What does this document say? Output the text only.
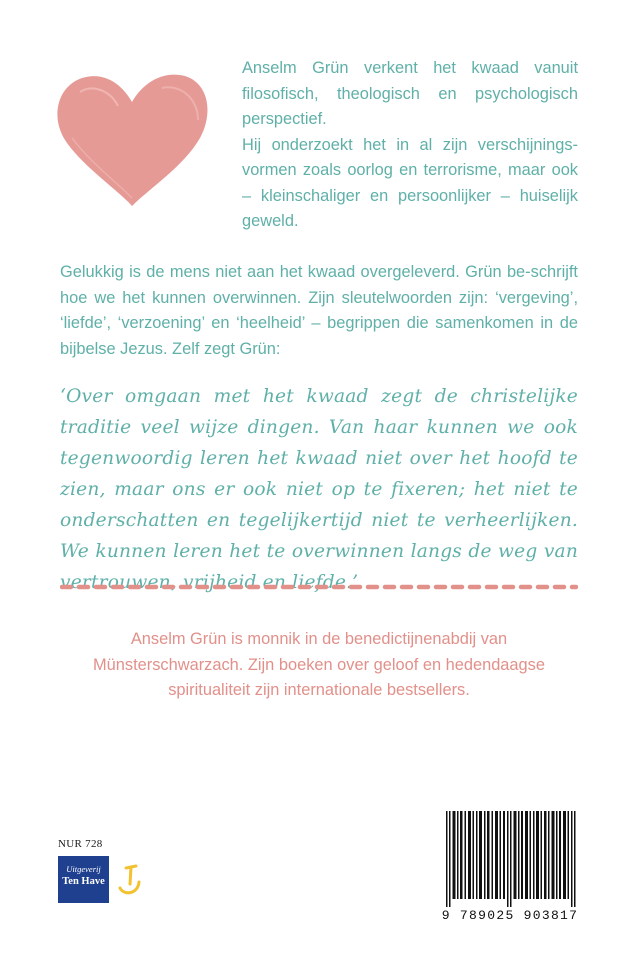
Anselm Grün verkent het kwaad vanuit filosofisch, theologisch en psychologisch perspectief.

Hij onderzoekt het in al zijn verschijnings-vormen zoals oorlog en terrorisme, maar ook – kleinschaliger en persoonlijker – huiselijk geweld.

Gelukkig is de mens niet aan het kwaad overgeleverd. Grün be-schrijft hoe we het kunnen overwinnen. Zijn sleutelwoorden zijn: ‘vergeving’, ‘liefde’, ‘verzoening’ en ‘heelheid’ – begrippen die samenkomen in de bijbelse Jezus. Zelf zegt Grün:

‘Over omgaan met het kwaad zegt de christelijke traditie veel wijze dingen. Van haar kunnen we ook tegenwoordig leren het kwaad niet over het hoofd te zien, maar ons er ook niet op te fixeren; het niet te onderschatten en tegelijkertijd niet te verheerlijken. We kunnen leren het te overwinnen langs de weg van vertrouwen, vrijheid en liefde.’

Anselm Grün is monnik in de benedictijnenabdij van Münsterschwarzach. Zijn boeken over geloof en hedendaagse spiritualiteit zijn internationale bestsellers.

NUR 728
Uitgeverij
Ten Have
9 789025 903817
